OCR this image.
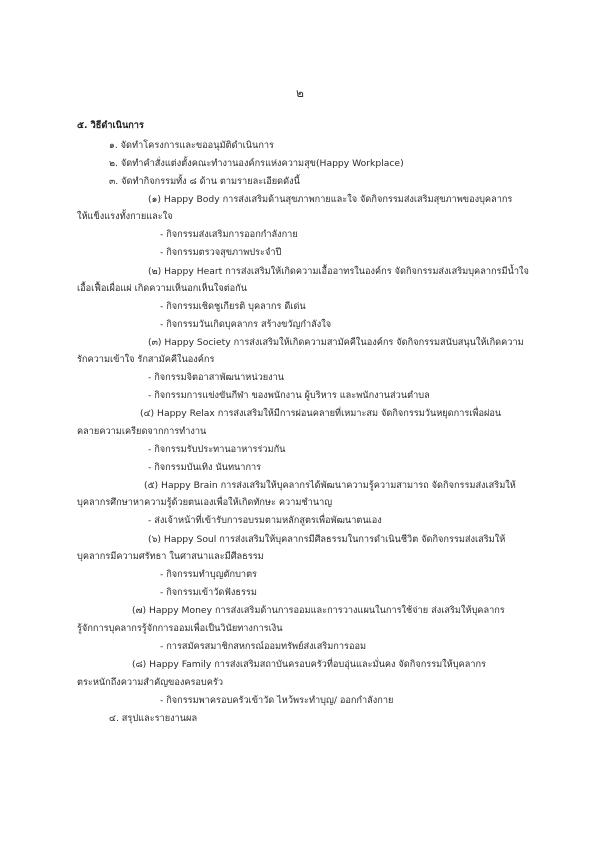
๒
๕. วิธีดำเนินการ
๑. จัดทำโครงการและขออนุมัติดำเนินการ
๒. จัดทำคำสั่งแต่งตั้งคณะทำงานองค์กรแห่งความสุข(Happy Workplace)
๓. จัดทำกิจกรรมทั้ง ๘ ด้าน ตามรายละเอียดดังนี้
(๑) Happy Body การส่งเสริมด้านสุขภาพกายและใจ จัดกิจกรรมส่งเสริมสุขภาพของบุคลากร
ให้แข็งแรงทั้งกายและใจ
- กิจกรรมส่งเสริมการออกกำลังกาย
- กิจกรรมตรวจสุขภาพประจำปี
(๒) Happy Heart การส่งเสริมให้เกิดความเอื้ออาทรในองค์กร จัดกิจกรรมส่งเสริมบุคลากรมีน้ำใจ
เอื้อเฟื้อเผื่อแผ่ เกิดความเห็นอกเห็นใจต่อกัน
- กิจกรรมเชิดชูเกียรติ บุคลากร ดีเด่น
- กิจกรรมวันเกิดบุคลากร สร้างขวัญกำลังใจ
(๓) Happy Society การส่งเสริมให้เกิดความสามัคคีในองค์กร จัดกิจกรรมสนับสนุนให้เกิดความ
รักความเข้าใจ รักสามัคคีในองค์กร
- กิจกรรมจิตอาสาพัฒนาหน่วยงาน
- กิจกรรมการแข่งขันกีฬา ของพนักงาน ผู้บริหาร และพนักงานส่วนตำบล
(๔) Happy Relax การส่งเสริมให้มีการผ่อนคลายที่เหมาะสม จัดกิจกรรมวันหยุดการเพื่อผ่อน
คลายความเครียดจากการทำงาน
- กิจกรรมรับประทานอาหารร่วมกัน
- กิจกรรมบันเทิง นันทนาการ
(๕) Happy Brain การส่งเสริมให้บุคลากรได้พัฒนาความรู้ความสามารถ จัดกิจกรรมส่งเสริมให้
บุคลากรศึกษาหาความรู้ด้วยตนเองเพื่อให้เกิดทักษะ ความชำนาญ
- ส่งเจ้าหน้าที่เข้ารับการอบรมตามหลักสูตรเพื่อพัฒนาตนเอง
(๖) Happy Soul การส่งเสริมให้บุคลากรมีศีลธรรมในการดำเนินชีวิต จัดกิจกรรมส่งเสริมให้
บุคลากรมีความศรัทธา ในศาสนาและมีศีลธรรม
- กิจกรรมทำบุญตักบาตร
- กิจกรรมเข้าวัดฟังธรรม
(๗) Happy Money การส่งเสริมด้านการออมและการวางแผนในการใช้จ่าย ส่งเสริมให้บุคลากร
รู้จักการบุคลากรรู้จักการออมเพื่อเป็นวินัยทางการเงิน
- การสมัครสมาชิกสหกรณ์ออมทรัพย์ส่งเสริมการออม
(๘) Happy Family การส่งเสริมสถาบันครอบครัวที่อบอุ่นและมั่นคง จัดกิจกรรมให้บุคลากร
ตระหนักถึงความสำคัญของครอบครัว
- กิจกรรมพาครอบครัวเข้าวัด ไหว้พระทำบุญ/ ออกกำลังกาย
๔. สรุปและรายงานผล
